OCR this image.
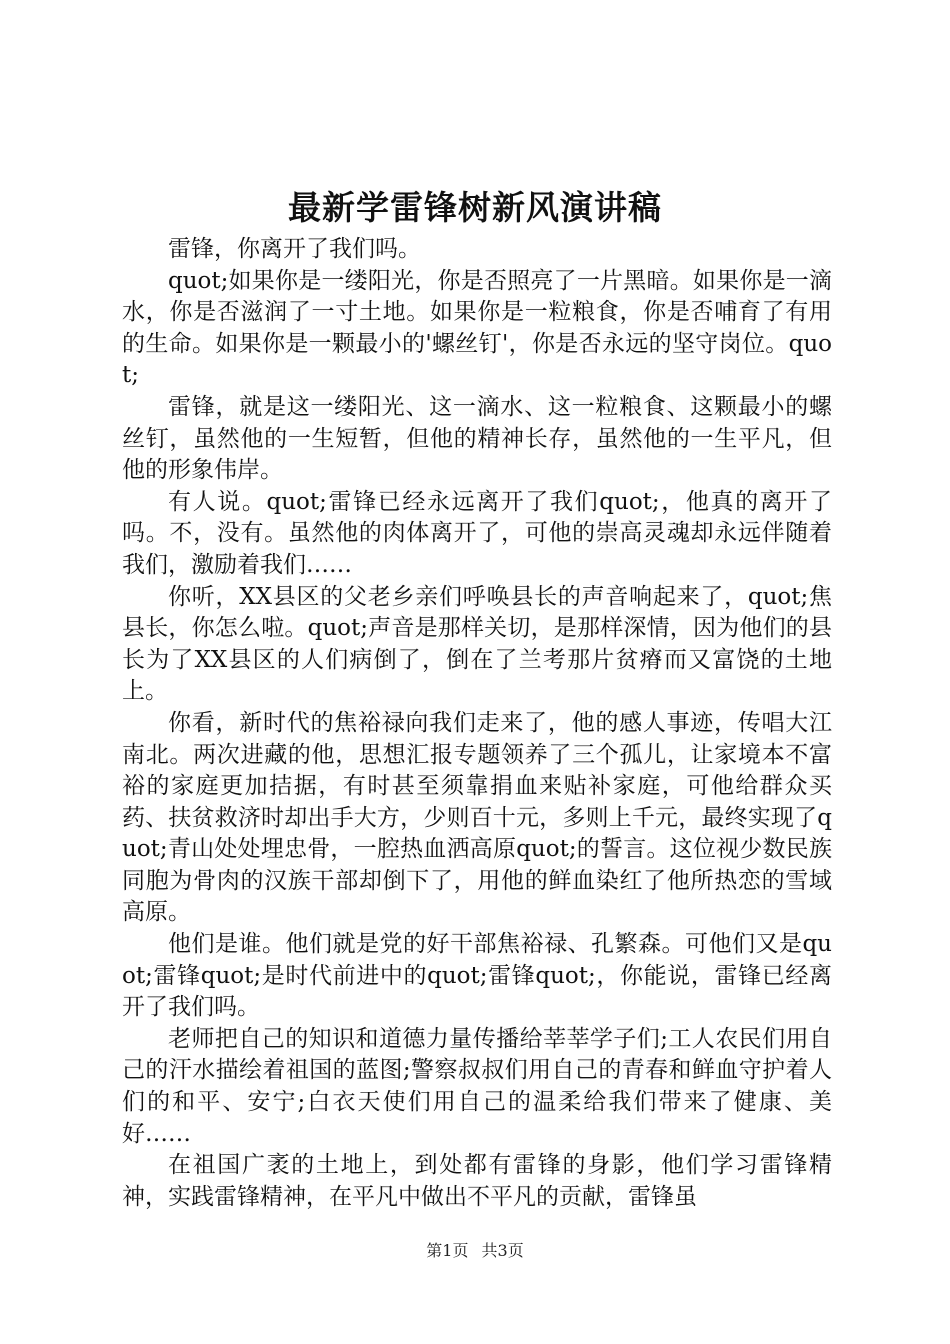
最新学雷锋树新风演讲稿

雷锋，你离开了我们吗。

quot;如果你是一缕阳光，你是否照亮了一片黑暗。如果你是一滴水，你是否滋润了一寸土地。如果你是一粒粮食，你是否哺育了有用的生命。如果你是一颗最小的'螺丝钉'，你是否永远的坚守岗位。quot;

雷锋，就是这一缕阳光、这一滴水、这一粒粮食、这颗最小的螺丝钉，虽然他的一生短暂，但他的精神长存，虽然他的一生平凡，但他的形象伟岸。

有人说。quot;雷锋已经永远离开了我们quot;，他真的离开了吗。不，没有。虽然他的肉体离开了，可他的崇高灵魂却永远伴随着我们，激励着我们……

你听，XX县区的父老乡亲们呼唤县长的声音响起来了，quot;焦县长，你怎么啦。quot;声音是那样关切，是那样深情，因为他们的县长为了XX县区的人们病倒了，倒在了兰考那片贫瘠而又富饶的土地上。

你看，新时代的焦裕禄向我们走来了，他的感人事迹，传唱大江南北。两次进藏的他，思想汇报专题领养了三个孤儿，让家境本不富裕的家庭更加拮据，有时甚至须靠捐血来贴补家庭，可他给群众买药、扶贫救济时却出手大方，少则百十元，多则上千元，最终实现了quot;青山处处埋忠骨，一腔热血洒高原quot;的誓言。这位视少数民族同胞为骨肉的汉族干部却倒下了，用他的鲜血染红了他所热恋的雪域高原。

他们是谁。他们就是党的好干部焦裕禄、孔繁森。可他们又是quot;雷锋quot;是时代前进中的quot;雷锋quot;，你能说，雷锋已经离开了我们吗。

老师把自己的知识和道德力量传播给莘莘学子们;工人农民们用自己的汗水描绘着祖国的蓝图;警察叔叔们用自己的青春和鲜血守护着人们的和平、安宁;白衣天使们用自己的温柔给我们带来了健康、美好……

在祖国广袤的土地上，到处都有雷锋的身影，他们学习雷锋精神，实践雷锋精神，在平凡中做出不平凡的贡献，雷锋虽

第1页 共3页
